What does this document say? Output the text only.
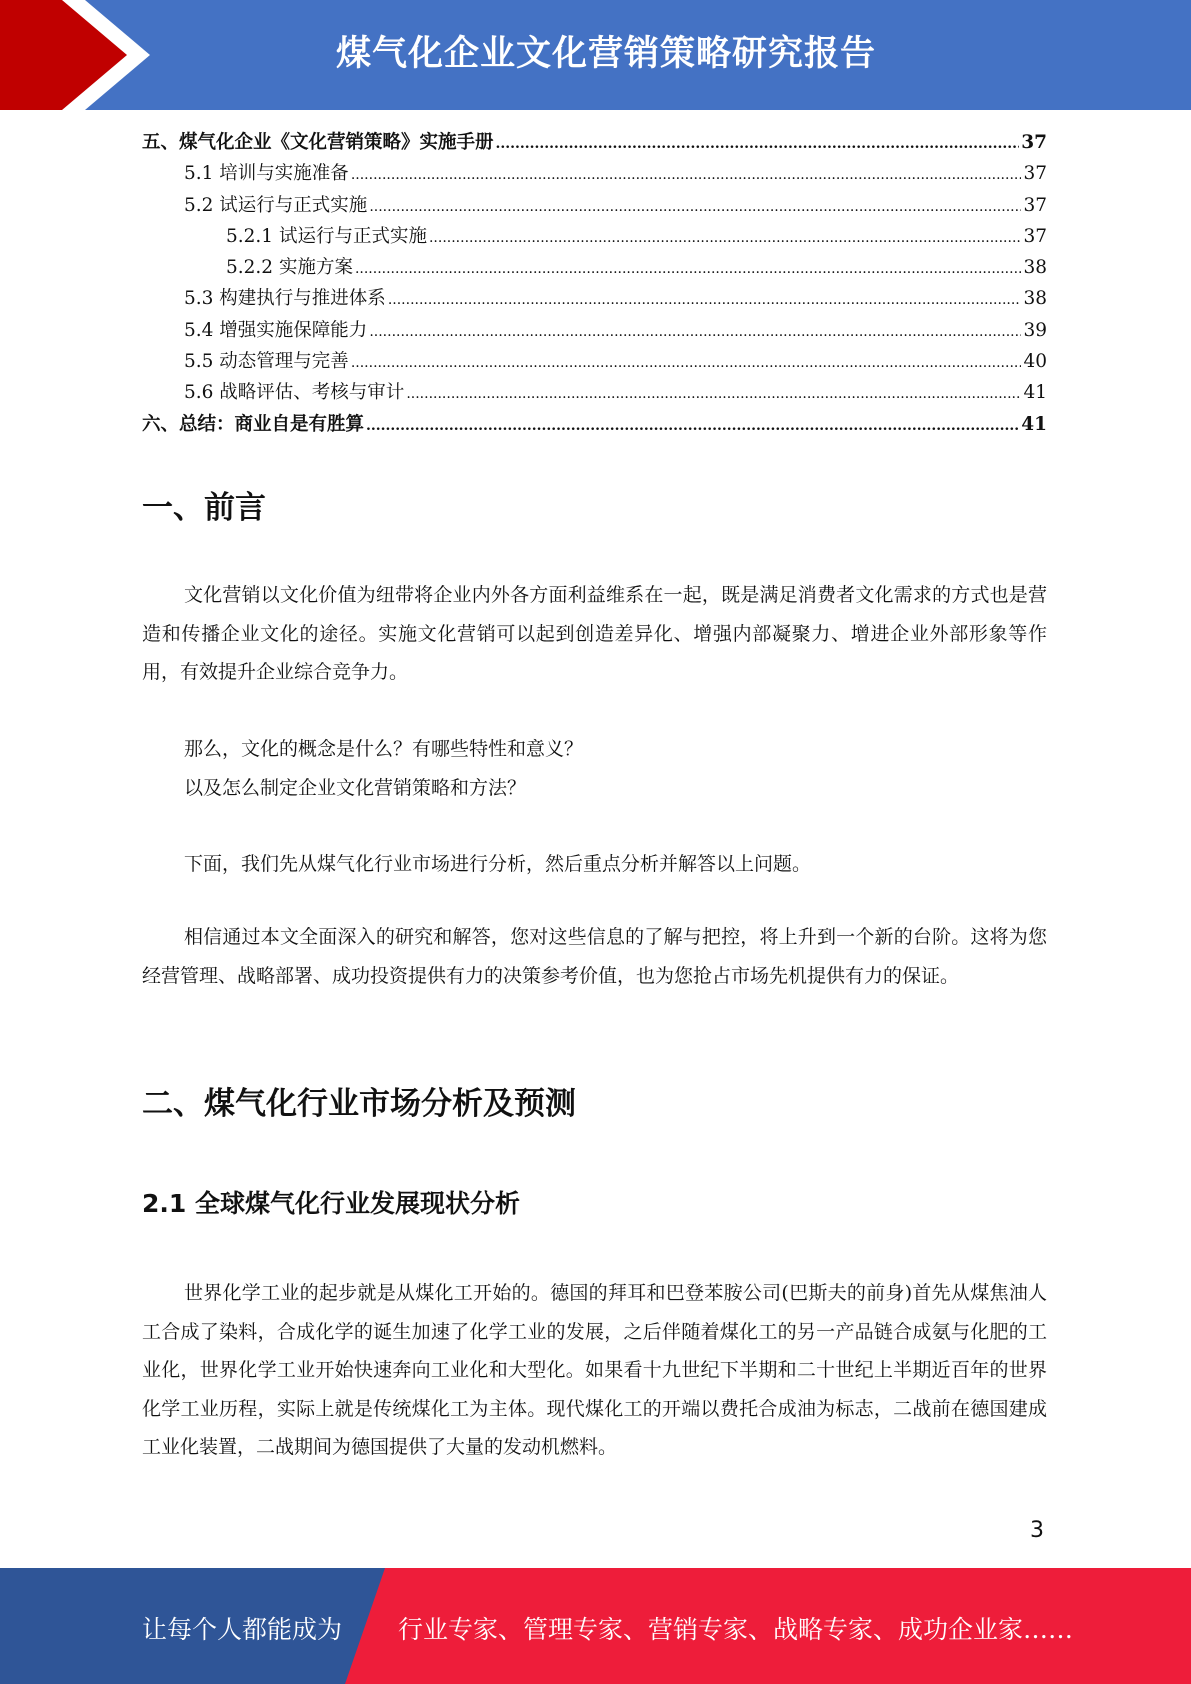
煤气化企业文化营销策略研究报告
五、煤气化企业《文化营销策略》实施手册 .....	37
5.1 培训与实施准备 .....	37
5.2 试运行与正式实施 .....	37
5.2.1 试运行与正式实施 .....	37
5.2.2 实施方案 .....	38
5.3 构建执行与推进体系 .....	38
5.4 增强实施保障能力 .....	39
5.5 动态管理与完善 .....	40
5.6 战略评估、考核与审计 .....	41
六、总结：商业自是有胜算 .....	41
一、前言

文化营销以文化价值为纽带将企业内外各方面利益维系在一起，既是满足消费者文化需求的方式也是营造和传播企业文化的途径。实施文化营销可以起到创造差异化、增强内部凝聚力、增进企业外部形象等作用，有效提升企业综合竞争力。

那么，文化的概念是什么？有哪些特性和意义？
以及怎么制定企业文化营销策略和方法？
下面，我们先从煤气化行业市场进行分析，然后重点分析并解答以上问题。

相信通过本文全面深入的研究和解答，您对这些信息的了解与把控，将上升到一个新的台阶。这将为您经营管理、战略部署、成功投资提供有力的决策参考价值，也为您抢占市场先机提供有力的保证。

二、煤气化行业市场分析及预测
2.1 全球煤气化行业发展现状分析

世界化学工业的起步就是从煤化工开始的。德国的拜耳和巴登苯胺公司(巴斯夫的前身)首先从煤焦油人工合成了染料，合成化学的诞生加速了化学工业的发展，之后伴随着煤化工的另一产品链合成氨与化肥的工业化，世界化学工业开始快速奔向工业化和大型化。如果看十九世纪下半期和二十世纪上半期近百年的世界化学工业历程，实际上就是传统煤化工为主体。现代煤化工的开端以费托合成油为标志，二战前在德国建成工业化装置，二战期间为德国提供了大量的发动机燃料。

3
让每个人都能成为 行业专家、管理专家、营销专家、战略专家、成功企业家……
